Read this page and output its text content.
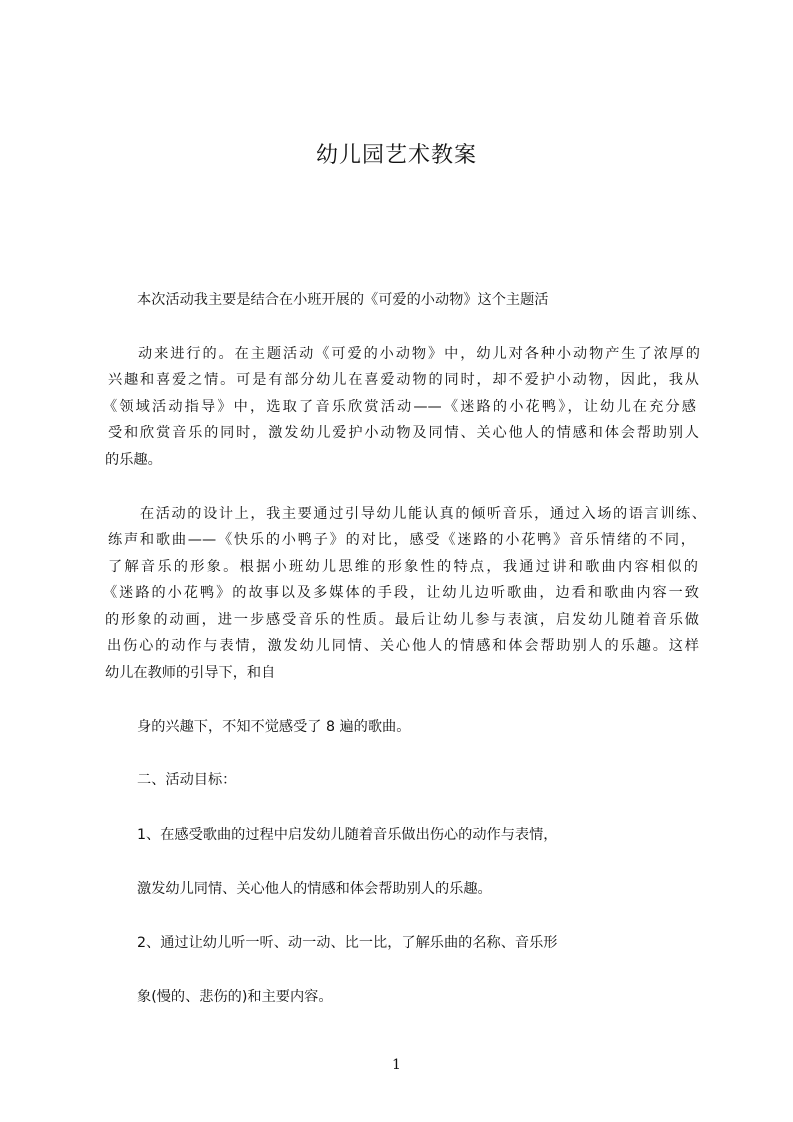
幼儿园艺术教案
本次活动我主要是结合在小班开展的《可爱的小动物》这个主题活
动来进行的。在主题活动《可爱的小动物》中，幼儿对各种小动物产生了浓厚的
兴趣和喜爱之情。可是有部分幼儿在喜爱动物的同时，却不爱护小动物，因此，我从
《领域活动指导》中，选取了音乐欣赏活动——《迷路的小花鸭》，让幼儿在充分感
受和欣赏音乐的同时，激发幼儿爱护小动物及同情、关心他人的情感和体会帮助别人
的乐趣。
在活动的设计上，我主要通过引导幼儿能认真的倾听音乐，通过入场的语言训练、
练声和歌曲——《快乐的小鸭子》的对比，感受《迷路的小花鸭》音乐情绪的不同，
了解音乐的形象。根据小班幼儿思维的形象性的特点，我通过讲和歌曲内容相似的
《迷路的小花鸭》的故事以及多媒体的手段，让幼儿边听歌曲，边看和歌曲内容一致
的形象的动画，进一步感受音乐的性质。最后让幼儿参与表演，启发幼儿随着音乐做
出伤心的动作与表情，激发幼儿同情、关心他人的情感和体会帮助别人的乐趣。这样
幼儿在教师的引导下，和自
身的兴趣下，不知不觉感受了 8 遍的歌曲。
二、活动目标：
1、在感受歌曲的过程中启发幼儿随着音乐做出伤心的动作与表情，
激发幼儿同情、关心他人的情感和体会帮助别人的乐趣。
2、通过让幼儿听一听、动一动、比一比，了解乐曲的名称、音乐形
象(慢的、悲伤的)和主要内容。
1
